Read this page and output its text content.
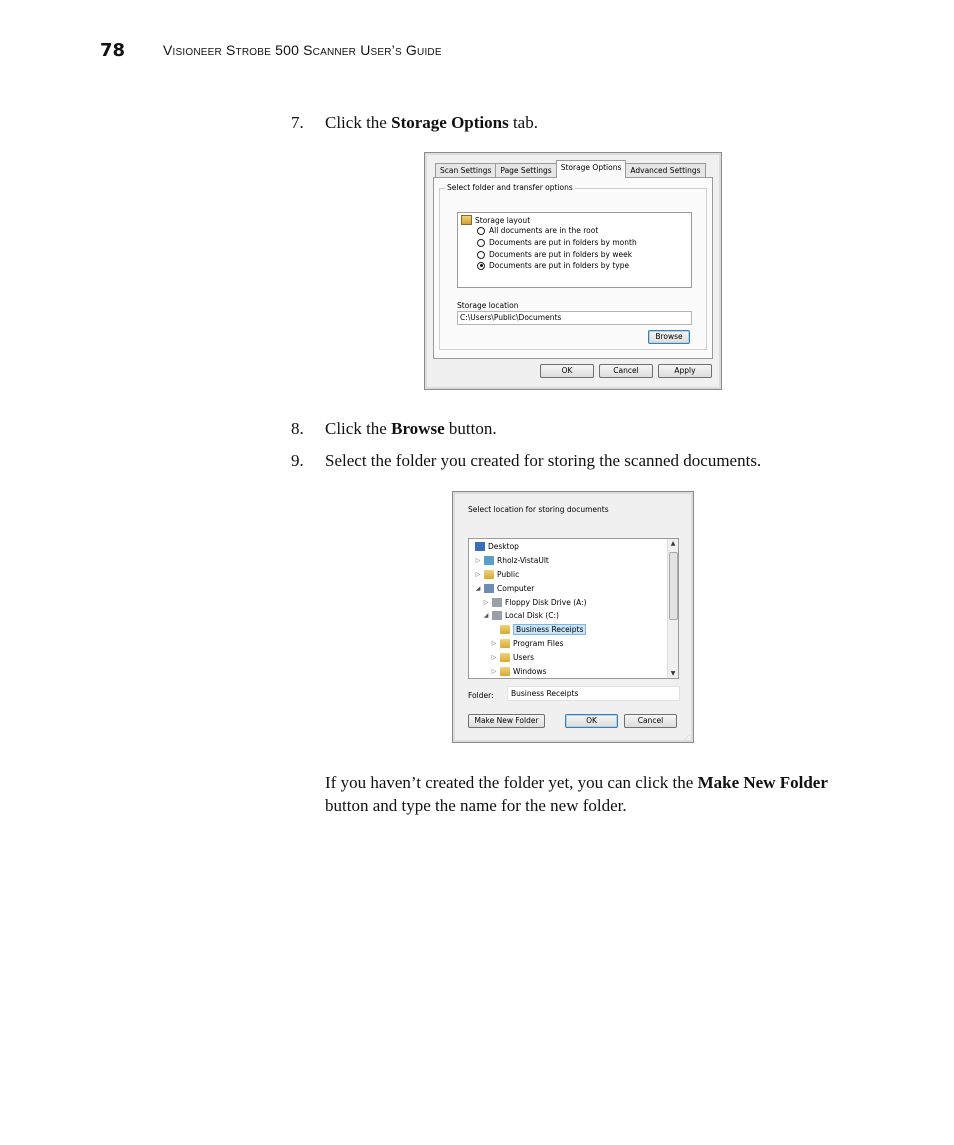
78	Visioneer Strobe 500 Scanner User’s Guide
7. Click the Storage Options tab.
Scan Settings	Page Settings	Storage Options	Advanced Settings
Select folder and transfer options
Storage layout
All documents are in the root
Documents are put in folders by month
Documents are put in folders by week
Documents are put in folders by type
Storage location
C:\Users\Public\Documents
Browse
OK	Cancel	Apply
8. Click the Browse button.
9. Select the folder you created for storing the scanned documents.
Select location for storing documents
Desktop
▷ Rholz-VistaUlt
▷ Public
◢ Computer
▷ Floppy Disk Drive (A:)
◢ Local Disk (C:)
Business Receipts
▷ Program Files
▷ Users
▷ Windows
▲
▼
Folder:	Business Receipts
Make New Folder	OK	Cancel
⋰
If you haven’t created the folder yet, you can click the Make New Folder button and type the name for the new folder.
